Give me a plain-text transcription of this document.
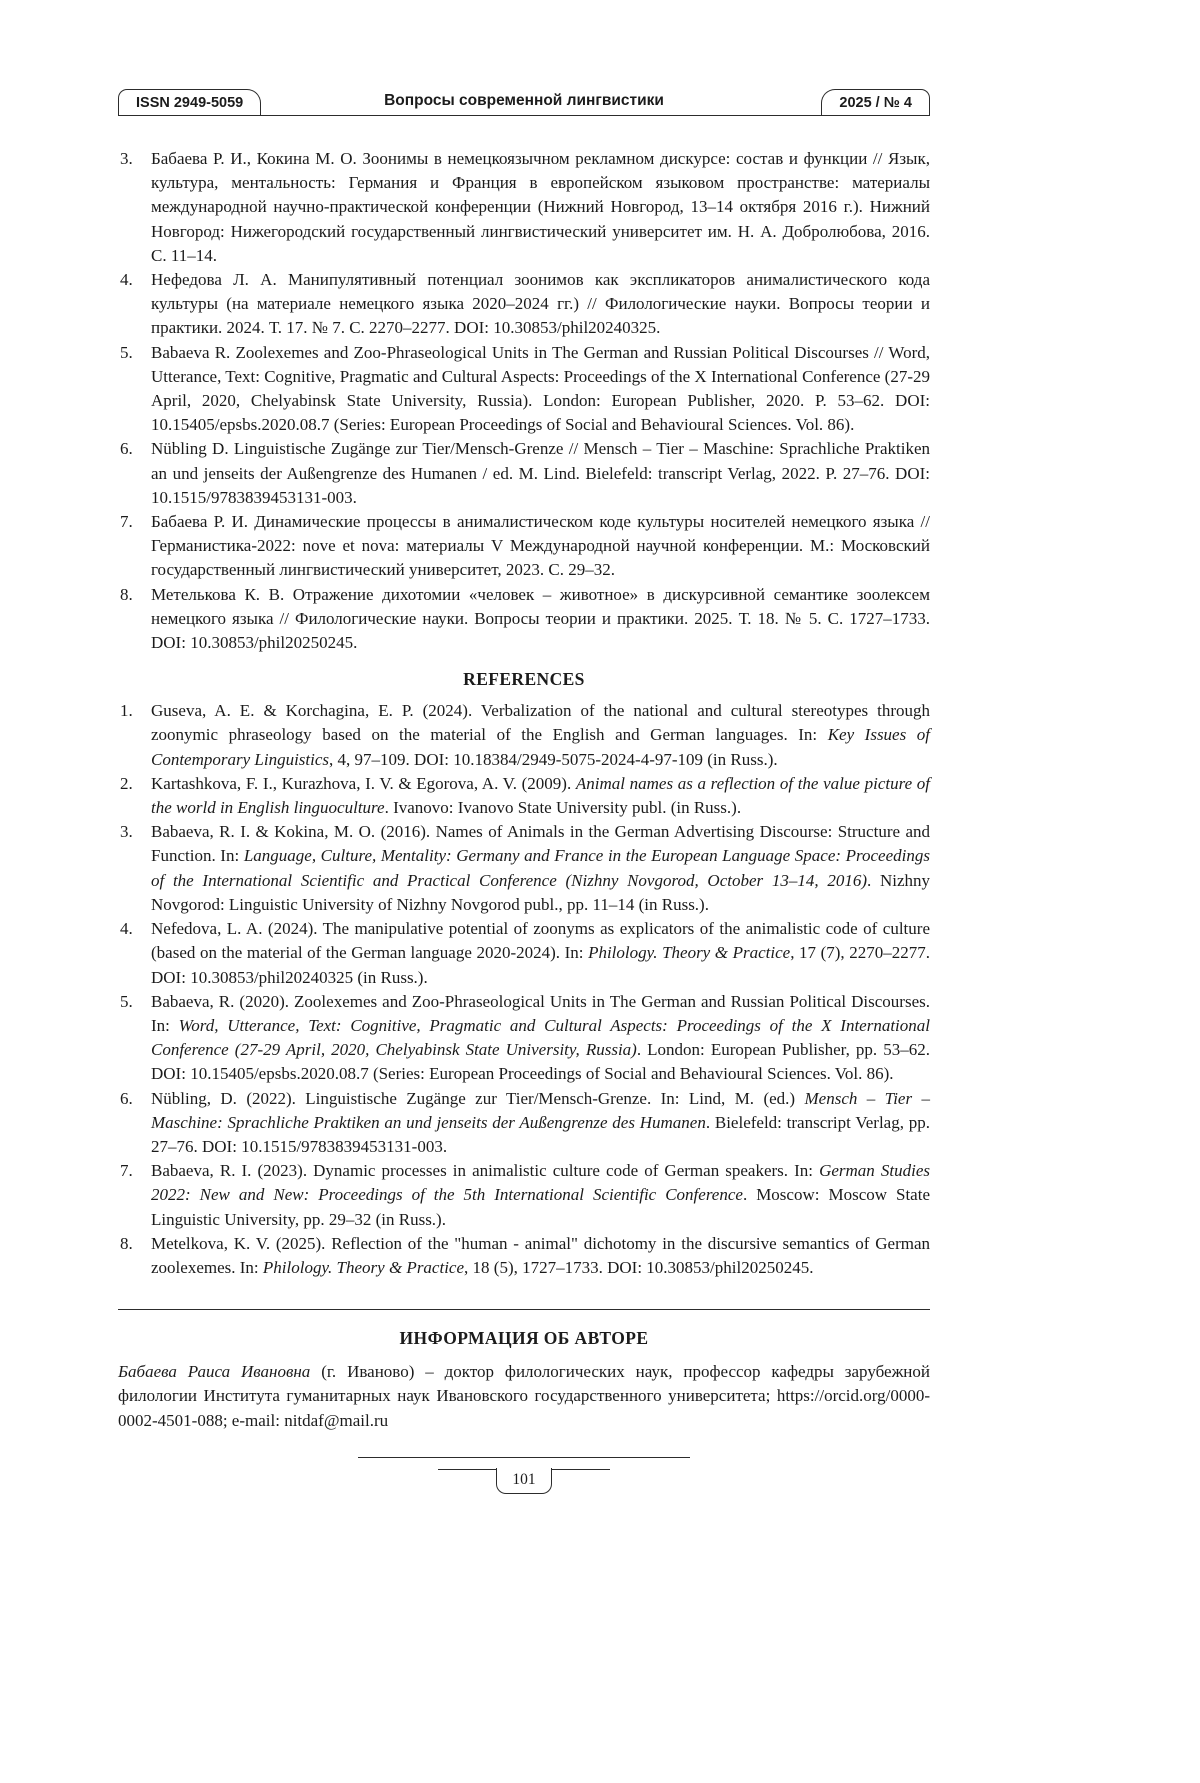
ISSN 2949-5059	Вопросы современной лингвистики	2025 / № 4
3. Бабаева Р. И., Кокина М. О. Зоонимы в немецкоязычном рекламном дискурсе: состав и функции // Язык, культура, ментальность: Германия и Франция в европейском языковом пространстве: материалы международной научно-практической конференции (Нижний Новгород, 13–14 октября 2016 г.). Нижний Новгород: Нижегородский государственный лингвистический университет им. Н. А. Добролюбова, 2016. С. 11–14.
4. Нефедова Л. А. Манипулятивный потенциал зоонимов как экспликаторов анималистического кода культуры (на материале немецкого языка 2020–2024 гг.) // Филологические науки. Вопросы теории и практики. 2024. Т. 17. № 7. С. 2270–2277. DOI: 10.30853/phil20240325.
5. Babaeva R. Zoolexemes and Zoo-Phraseological Units in The German and Russian Political Discourses // Word, Utterance, Text: Cognitive, Pragmatic and Cultural Aspects: Proceedings of the X International Conference (27-29 April, 2020, Chelyabinsk State University, Russia). London: European Publisher, 2020. P. 53–62. DOI: 10.15405/epsbs.2020.08.7 (Series: European Proceedings of Social and Behavioural Sciences. Vol. 86).
6. Nübling D. Linguistische Zugänge zur Tier/Mensch-Grenze // Mensch – Tier – Maschine: Sprachliche Praktiken an und jenseits der Außengrenze des Humanen / ed. M. Lind. Bielefeld: transcript Verlag, 2022. P. 27–76. DOI: 10.1515/9783839453131-003.
7. Бабаева Р. И. Динамические процессы в анималистическом коде культуры носителей немецкого языка // Германистика-2022: nove et nova: материалы V Международной научной конференции. М.: Московский государственный лингвистический университет, 2023. С. 29–32.
8. Метелькова К. В. Отражение дихотомии «человек – животное» в дискурсивной семантике зоолексем немецкого языка // Филологические науки. Вопросы теории и практики. 2025. Т. 18. № 5. С. 1727–1733. DOI: 10.30853/phil20250245.
REFERENCES
1. Guseva, A. E. & Korchagina, E. P. (2024). Verbalization of the national and cultural stereotypes through zoonymic phraseology based on the material of the English and German languages. In: Key Issues of Contemporary Linguistics, 4, 97–109. DOI: 10.18384/2949-5075-2024-4-97-109 (in Russ.).
2. Kartashkova, F. I., Kurazhova, I. V. & Egorova, A. V. (2009). Animal names as a reflection of the value picture of the world in English linguoculture. Ivanovo: Ivanovo State University publ. (in Russ.).
3. Babaeva, R. I. & Kokina, M. O. (2016). Names of Animals in the German Advertising Discourse: Structure and Function. In: Language, Culture, Mentality: Germany and France in the European Language Space: Proceedings of the International Scientific and Practical Conference (Nizhny Novgorod, October 13–14, 2016). Nizhny Novgorod: Linguistic University of Nizhny Novgorod publ., pp. 11–14 (in Russ.).
4. Nefedova, L. A. (2024). The manipulative potential of zoonyms as explicators of the animalistic code of culture (based on the material of the German language 2020-2024). In: Philology. Theory & Practice, 17 (7), 2270–2277. DOI: 10.30853/phil20240325 (in Russ.).
5. Babaeva, R. (2020). Zoolexemes and Zoo-Phraseological Units in The German and Russian Political Discourses. In: Word, Utterance, Text: Cognitive, Pragmatic and Cultural Aspects: Proceedings of the X International Conference (27-29 April, 2020, Chelyabinsk State University, Russia). London: European Publisher, pp. 53–62. DOI: 10.15405/epsbs.2020.08.7 (Series: European Proceedings of Social and Behavioural Sciences. Vol. 86).
6. Nübling, D. (2022). Linguistische Zugänge zur Tier/Mensch-Grenze. In: Lind, M. (ed.) Mensch – Tier – Maschine: Sprachliche Praktiken an und jenseits der Außengrenze des Humanen. Bielefeld: transcript Verlag, pp. 27–76. DOI: 10.1515/9783839453131-003.
7. Babaeva, R. I. (2023). Dynamic processes in animalistic culture code of German speakers. In: German Studies 2022: New and New: Proceedings of the 5th International Scientific Conference. Moscow: Moscow State Linguistic University, pp. 29–32 (in Russ.).
8. Metelkova, K. V. (2025). Reflection of the "human - animal" dichotomy in the discursive semantics of German zoolexemes. In: Philology. Theory & Practice, 18 (5), 1727–1733. DOI: 10.30853/phil20250245.
ИНФОРМАЦИЯ ОБ АВТОРЕ

Бабаева Раиса Ивановна (г. Иваново) – доктор филологических наук, профессор кафедры зарубежной филологии Института гуманитарных наук Ивановского государственного университета; https://orcid.org/0000-0002-4501-088; e-mail: nitdaf@mail.ru

101
